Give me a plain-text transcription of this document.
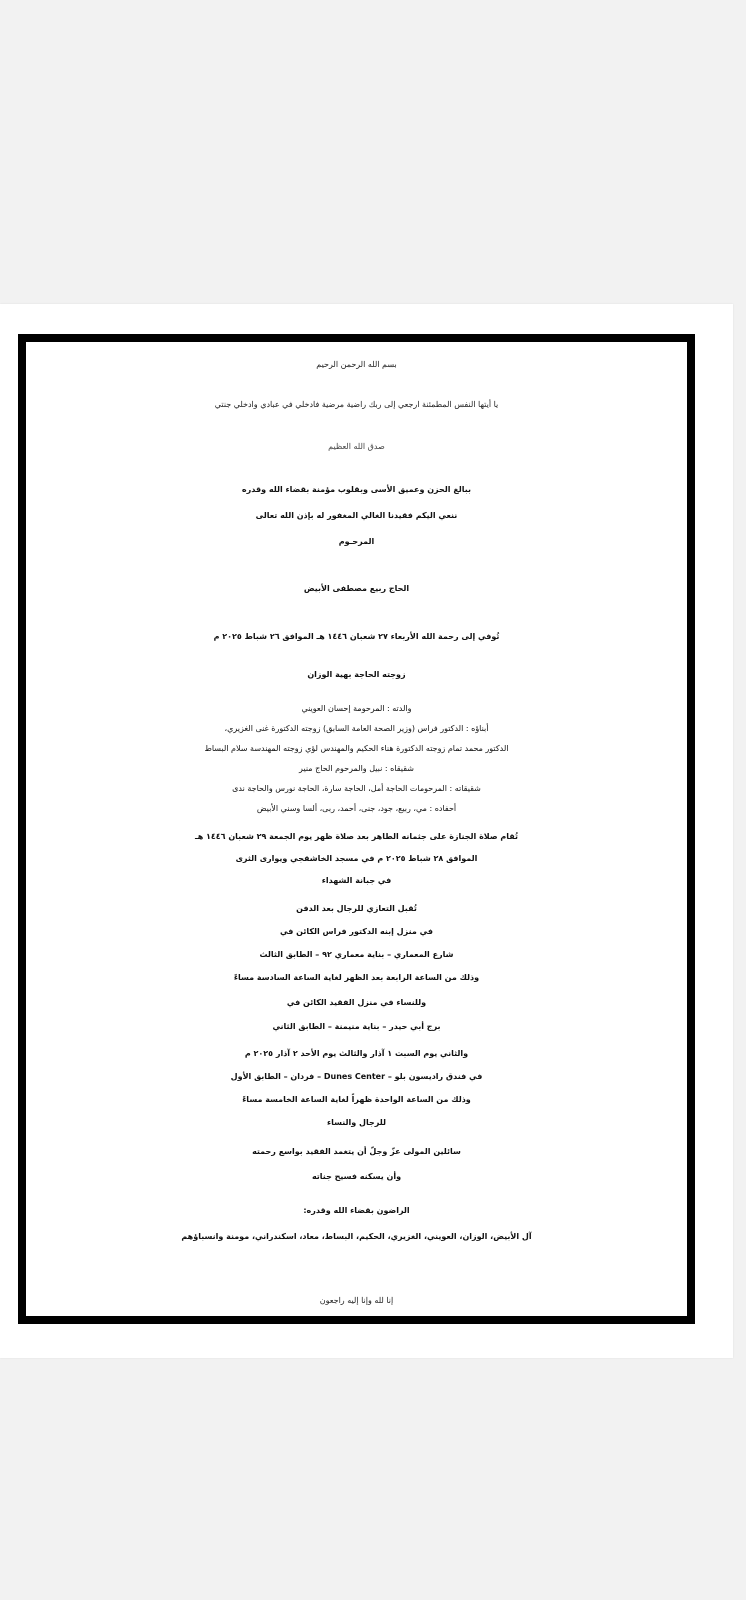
بسم الله الرحمن الرحيم

يا أيتها النفس المطمئنة ارجعي إلى ربك راضية مرضية فادخلي في عبادي وادخلي جنتي

صدق الله العظيم

ببالغ الحزن وعميق الأسى وبقلوب مؤمنة بقضاء الله وقدره

ننعي اليكم فقيدنا الغالي المغفور له بإذن الله تعالى

المرحـوم

الحاج ربيع مصطفى الأبيض

تُوفي إلى رحمة الله الأربعاء ٢٧ شعبان ١٤٤٦ هـ الموافق ٢٦ شباط ٢٠٢٥ م

زوجته الحاجة بهية الوزان

والدته : المرحومة إحسان العويني

أبناؤه : الدكتور فراس (وزير الصحة العامة السابق) زوجته الدكتورة غنى الغزيري،

الدكتور محمد تمام زوجته الدكتورة هناء الحكيم والمهندس لؤي زوجته المهندسة سلام البساط

شقيقاه : نبيل والمرحوم الحاج منير

شقيقاته : المرحومات الحاجة أمل، الحاجة سارة، الحاجة نورس والحاجة ندى

أحفاده : مي، ربيع، جود، جنى، أحمد، ربى، ألسا وسني الأبيض

تُقام صلاة الجنازة على جثمانه الطاهر بعد صلاة ظهر يوم الجمعة ٢٩ شعبان ١٤٤٦ هـ

الموافق ٢٨ شباط ٢٠٢٥ م في مسجد الخاشقجي ويوارى الثرى

في جبانة الشهداء

تُقبل التعازي للرجال بعد الدفن

في منزل إبنه الدكتور فراس الكائن في

شارع المعماري – بناية معماري ٩٢ – الطابق الثالث

وذلك من الساعة الرابعة بعد الظهر لغاية الساعة السادسة مساءً

وللنساء في منزل الفقيد الكائن في

برج أبي حيدر – بناية منيمنة – الطابق الثاني

والثاني يوم السبت ١ آذار والثالث يوم الأحد ٢ آذار ٢٠٢٥ م

في فندق راديسون بلو – Dunes Center – فردان – الطابق الأول

وذلك من الساعة الواحدة ظهراً لغاية الساعة الخامسة مساءً

للرجال والنساء

سائلين المولى عزّ وجلّ أن يتغمد الفقيد بواسع رحمته

وأن يسكنه فسيح جناته

الراضون بقضاء الله وقدره:

آل الأبيض، الوزان، العويني، الغزيري، الحكيم، البساط، معاد، اسكندراني، مومنة وانسباؤهم

إنا لله وإنا إليه راجعون
